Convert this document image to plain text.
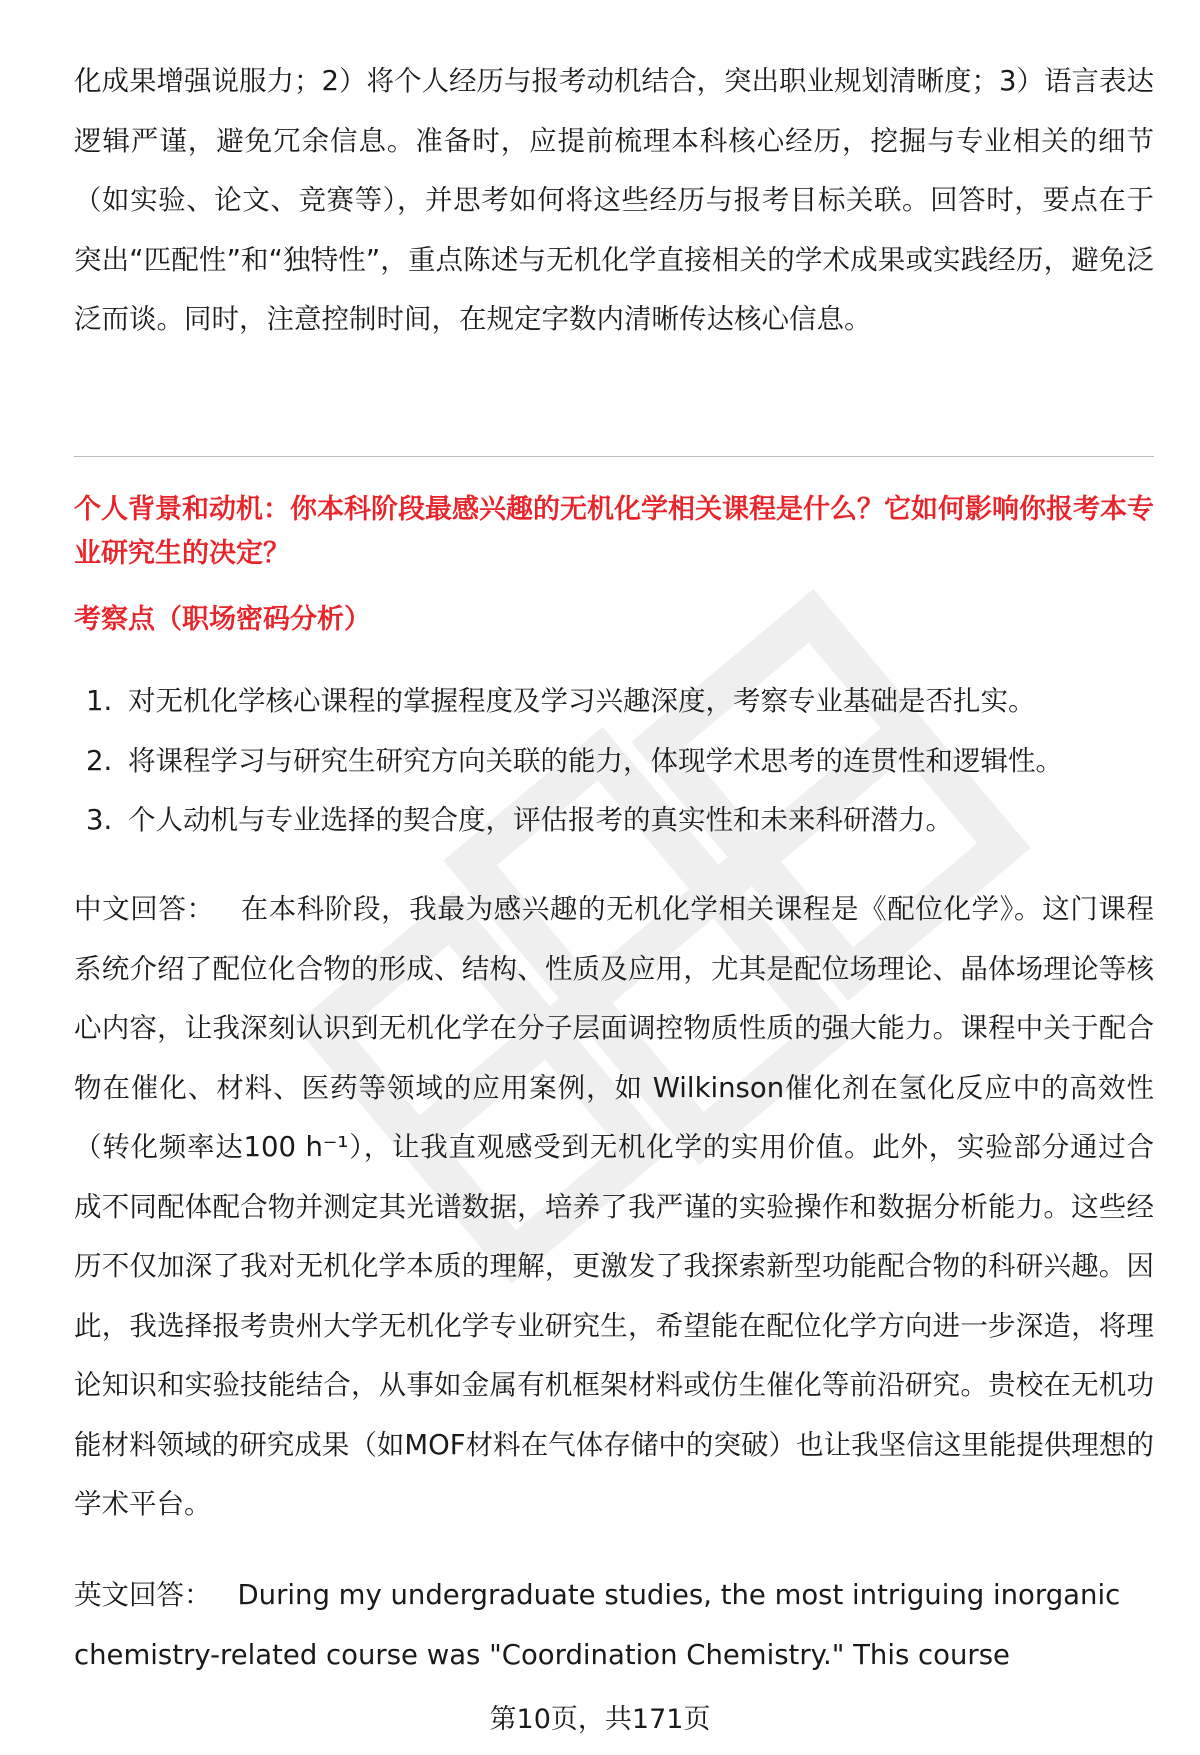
化成果增强说服力；2）将个人经历与报考动机结合，突出职业规划清晰度；3）语言表达逻辑严谨，避免冗余信息。准备时，应提前梳理本科核心经历，挖掘与专业相关的细节（如实验、论文、竞赛等），并思考如何将这些经历与报考目标关联。回答时，要点在于突出“匹配性”和“独特性”，重点陈述与无机化学直接相关的学术成果或实践经历，避免泛泛而谈。同时，注意控制时间，在规定字数内清晰传达核心信息。

个人背景和动机：你本科阶段最感兴趣的无机化学相关课程是什么？它如何影响你报考本专业研究生的决定？

考察点（职场密码分析）

1. 对无机化学核心课程的掌握程度及学习兴趣深度，考察专业基础是否扎实。
2. 将课程学习与研究生研究方向关联的能力，体现学术思考的连贯性和逻辑性。
3. 个人动机与专业选择的契合度，评估报考的真实性和未来科研潜力。

中文回答： 在本科阶段，我最为感兴趣的无机化学相关课程是《配位化学》。这门课程系统介绍了配位化合物的形成、结构、性质及应用，尤其是配位场理论、晶体场理论等核心内容，让我深刻认识到无机化学在分子层面调控物质性质的强大能力。课程中关于配合物在催化、材料、医药等领域的应用案例，如 Wilkinson催化剂在氢化反应中的高效性（转化频率达100 h⁻¹），让我直观感受到无机化学的实用价值。此外，实验部分通过合成不同配体配合物并测定其光谱数据，培养了我严谨的实验操作和数据分析能力。这些经历不仅加深了我对无机化学本质的理解，更激发了我探索新型功能配合物的科研兴趣。因此，我选择报考贵州大学无机化学专业研究生，希望能在配位化学方向进一步深造，将理论知识和实验技能结合，从事如金属有机框架材料或仿生催化等前沿研究。贵校在无机功能材料领域的研究成果（如MOF材料在气体存储中的突破）也让我坚信这里能提供理想的学术平台。

英文回答： During my undergraduate studies, the most intriguing inorganic chemistry-related course was "Coordination Chemistry." This course

第10页，共171页
